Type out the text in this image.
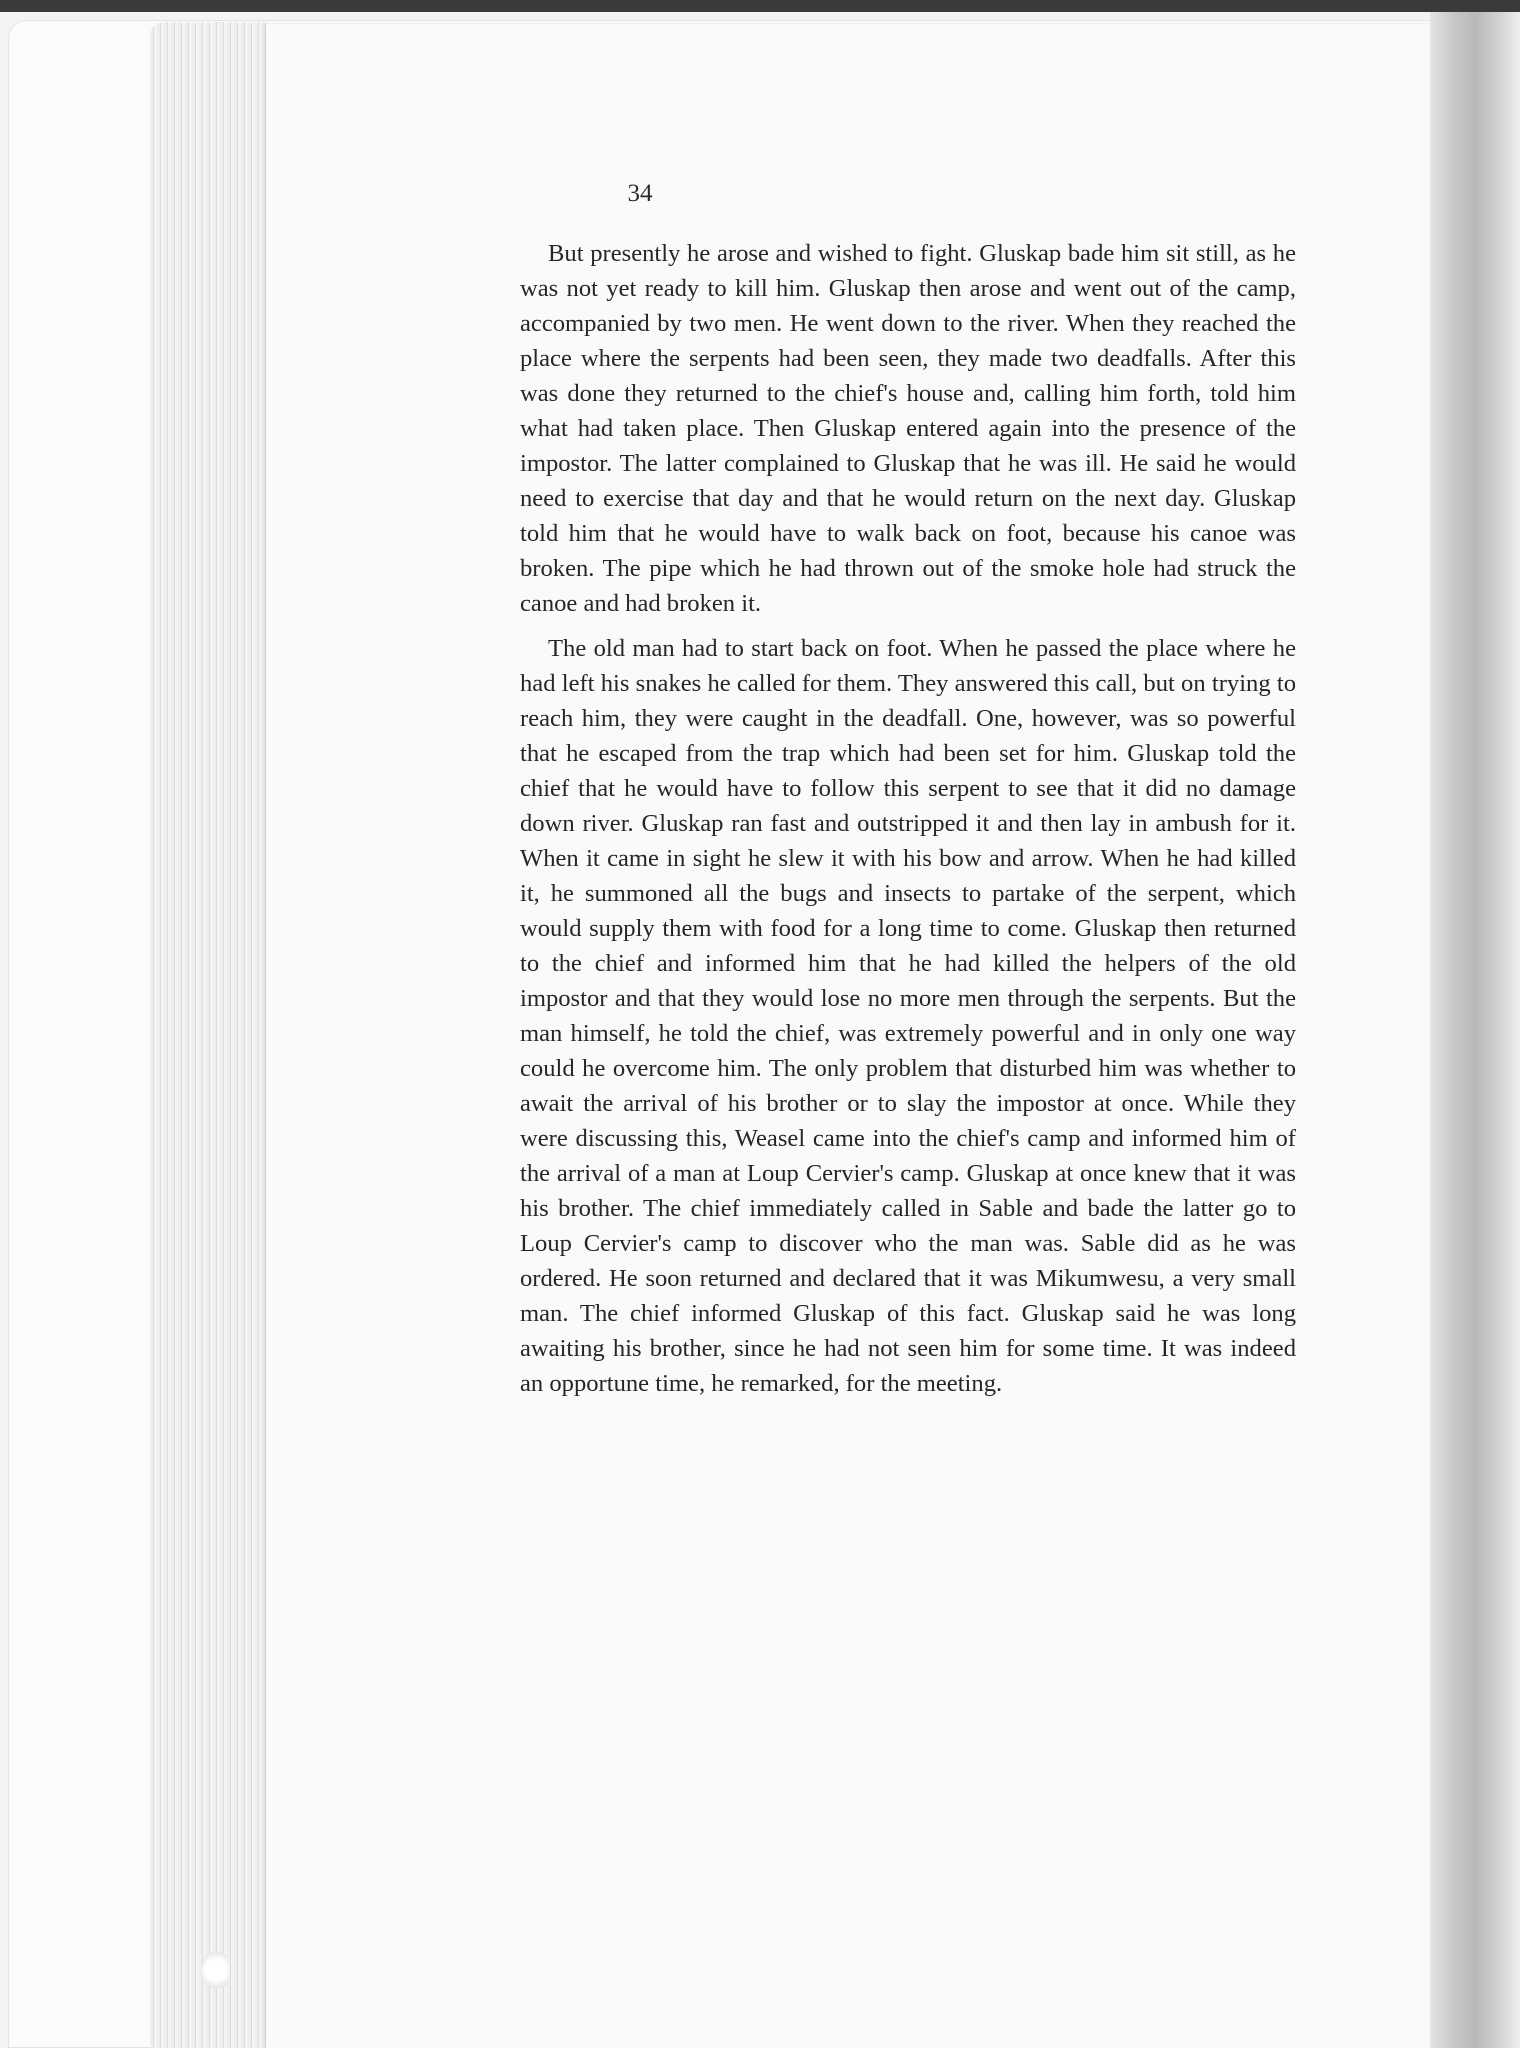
34

But presently he arose and wished to fight. Gluskap bade him sit still, as he was not yet ready to kill him. Gluskap then arose and went out of the camp, accompanied by two men. He went down to the river. When they reached the place where the serpents had been seen, they made two deadfalls. After this was done they returned to the chief's house and, calling him forth, told him what had taken place. Then Gluskap entered again into the presence of the impostor. The latter complained to Gluskap that he was ill. He said he would need to exercise that day and that he would return on the next day. Gluskap told him that he would have to walk back on foot, because his canoe was broken. The pipe which he had thrown out of the smoke hole had struck the canoe and had broken it.

The old man had to start back on foot. When he passed the place where he had left his snakes he called for them. They answered this call, but on trying to reach him, they were caught in the deadfall. One, however, was so powerful that he escaped from the trap which had been set for him. Gluskap told the chief that he would have to follow this serpent to see that it did no damage down river. Gluskap ran fast and outstripped it and then lay in ambush for it. When it came in sight he slew it with his bow and arrow. When he had killed it, he summoned all the bugs and insects to partake of the serpent, which would supply them with food for a long time to come. Gluskap then returned to the chief and informed him that he had killed the helpers of the old impostor and that they would lose no more men through the serpents. But the man himself, he told the chief, was extremely powerful and in only one way could he overcome him. The only problem that disturbed him was whether to await the arrival of his brother or to slay the impostor at once. While they were discussing this, Weasel came into the chief's camp and informed him of the arrival of a man at Loup Cervier's camp. Gluskap at once knew that it was his brother. The chief immediately called in Sable and bade the latter go to Loup Cervier's camp to discover who the man was. Sable did as he was ordered. He soon returned and declared that it was Mikumwesu, a very small man. The chief informed Gluskap of this fact. Gluskap said he was long awaiting his brother, since he had not seen him for some time. It was indeed an opportune time, he remarked, for the meeting.
